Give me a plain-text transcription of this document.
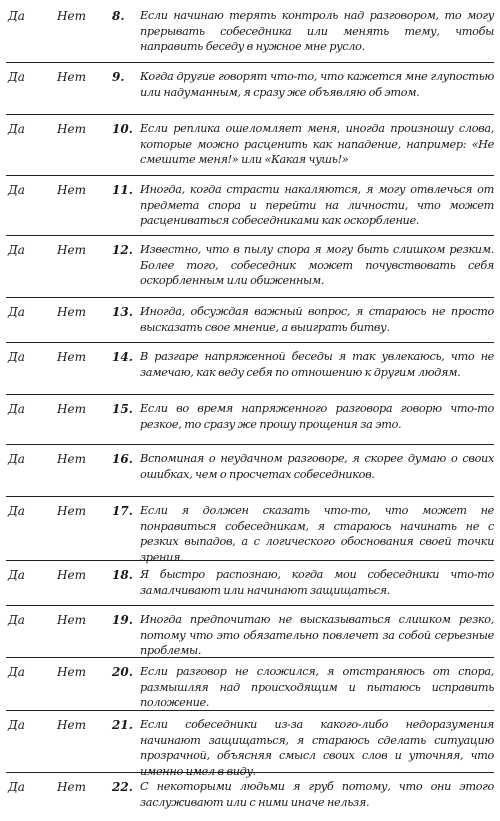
Да	Нет	8.	Если начинаю терять контроль над разговором, то могу прерывать собеседника или менять тему, чтобы направить беседу в нужное мне русло.
Да	Нет	9.	Когда другие говорят что-то, что кажется мне глупостью или надуманным, я сразу же объявляю об этом.
Да	Нет	10. Если реплика ошеломляет меня, иногда произношу слова, которые можно расценить как нападение, например: «Не смешите меня!» или «Какая чушь!»
Да	Нет	11. Иногда, когда страсти накаляются, я могу отвлечься от предмета спора и перейти на личности, что может расцениваться собеседниками как оскорбление.
Да	Нет	12. Известно, что в пылу спора я могу быть слишком резким. Более того, собеседник может почувствовать себя оскорбленным или обиженным.
Да	Нет	13. Иногда, обсуждая важный вопрос, я стараюсь не просто высказать свое мнение, а выиграть битву.
Да	Нет	14. В разгаре напряженной беседы я так увлекаюсь, что не замечаю, как веду себя по отношению к другим людям.
Да	Нет	15. Если во время напряженного разговора говорю что-то резкое, то сразу же прошу прощения за это.
Да	Нет	16. Вспоминая о неудачном разговоре, я скорее думаю о своих ошибках, чем о просчетах собеседников.
Да	Нет	17. Если я должен сказать что-то, что может не понравиться собеседникам, я стараюсь начинать не с резких выпадов, а с логического обоснования своей точки зрения.
Да	Нет	18. Я быстро распознаю, когда мои собеседники что-то замалчивают или начинают защищаться.
Да	Нет	19. Иногда предпочитаю не высказываться слишком резко, потому что это обязательно повлечет за собой серьезные проблемы.
Да	Нет	20. Если разговор не сложился, я отстраняюсь от спора, размышляя над происходящим и пытаюсь исправить положение.
Да	Нет	21. Если собеседники из-за какого-либо недоразумения начинают защищаться, я стараюсь сделать ситуацию прозрачной, объясняя смысл своих слов и уточняя, что именно имел в виду.
Да	Нет	22. С некоторыми людьми я груб потому, что они этого заслуживают или с ними иначе нельзя.
